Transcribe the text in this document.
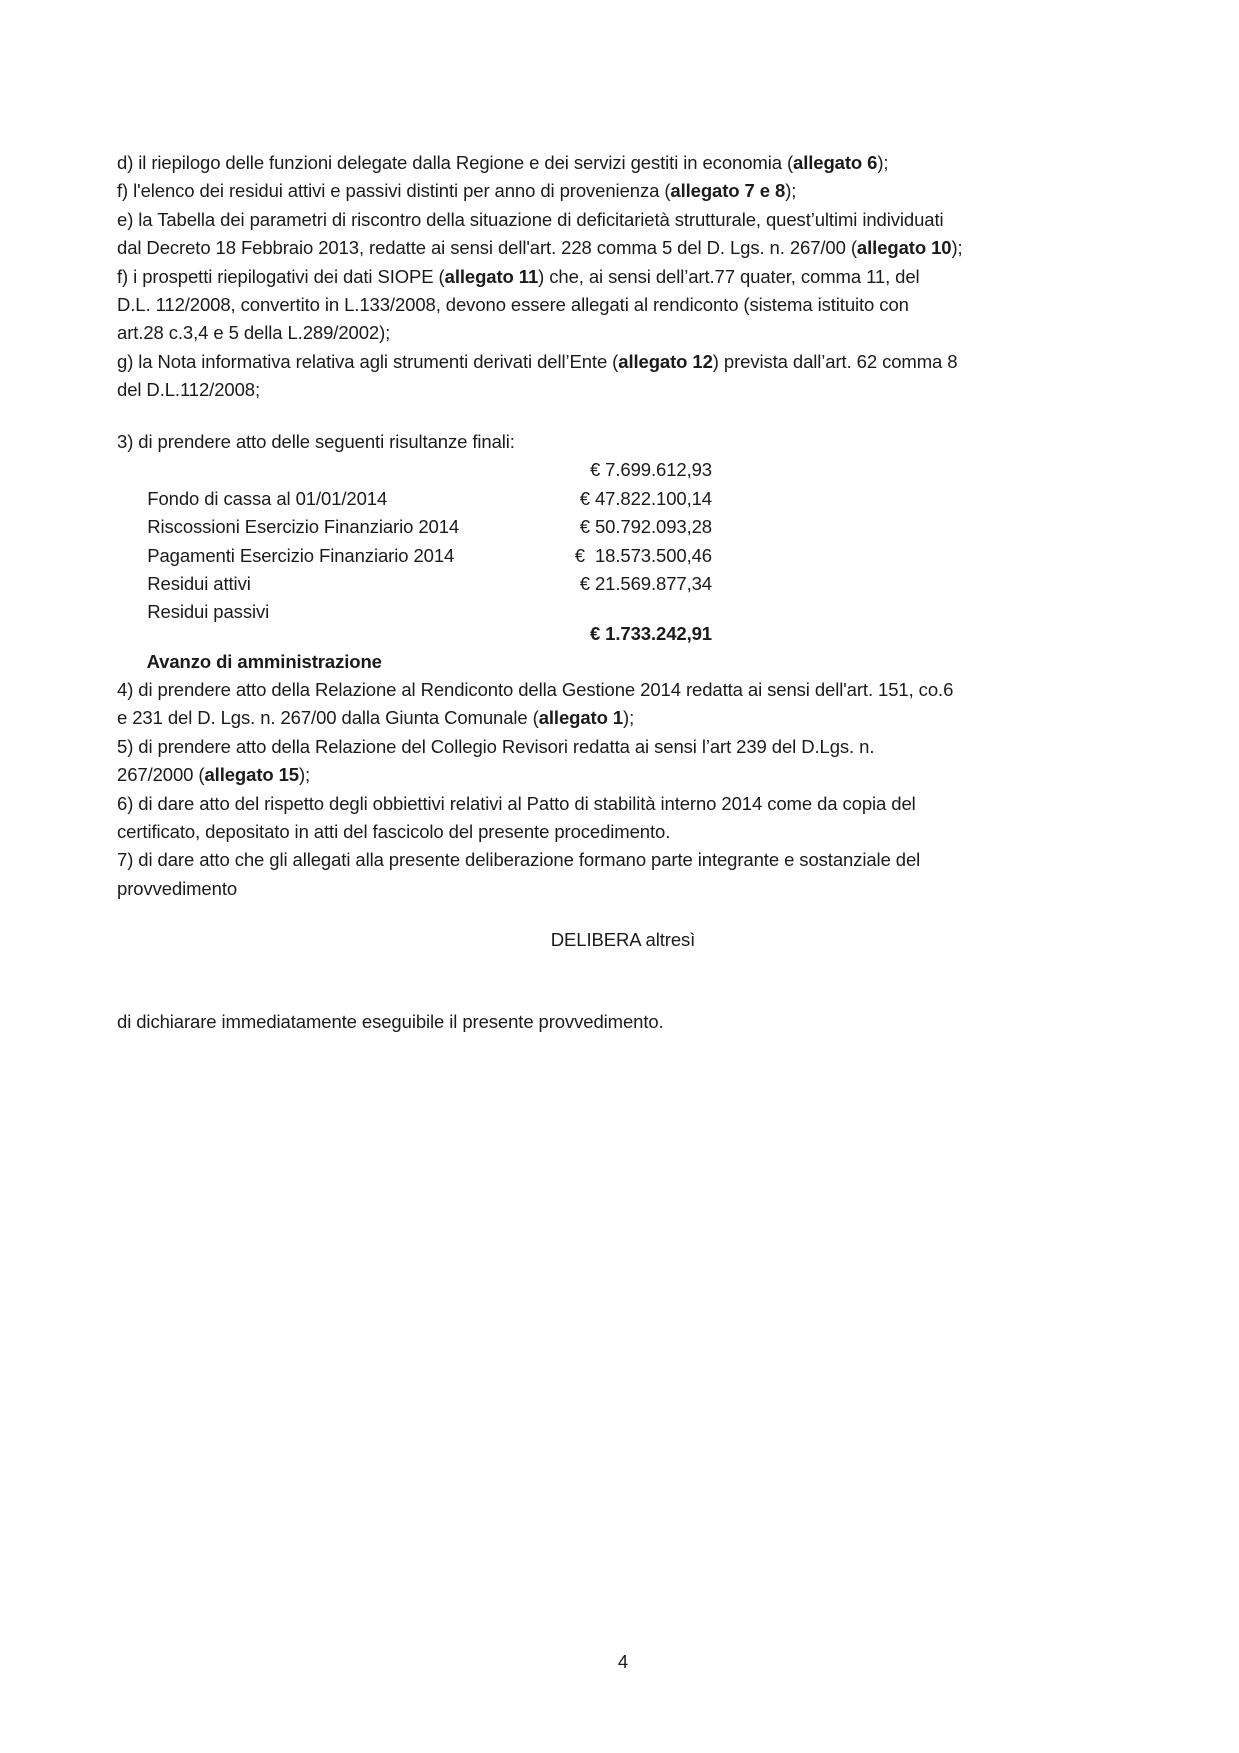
d) il riepilogo delle funzioni delegate dalla Regione e dei servizi gestiti in economia (allegato 6);
f) l'elenco dei residui attivi e passivi distinti per anno di provenienza (allegato 7 e 8);
e) la Tabella dei parametri di riscontro della situazione di deficitarietà strutturale, quest’ultimi individuati
dal Decreto 18 Febbraio 2013, redatte ai sensi dell'art. 228 comma 5 del D. Lgs. n. 267/00 (allegato 10);
f) i prospetti riepilogativi dei dati SIOPE (allegato 11) che, ai sensi dell’art.77 quater, comma 11, del
D.L. 112/2008, convertito in L.133/2008, devono essere allegati al rendiconto (sistema istituito con
art.28 c.3,4 e 5 della L.289/2002);
g) la Nota informativa relativa agli strumenti derivati dell’Ente (allegato 12) prevista dall’art. 62 comma 8
del D.L.112/2008;
3) di prendere atto delle seguenti risultanze finali:

Fondo di cassa al 01/01/2014

€ 7.699.612,93

Riscossioni Esercizio Finanziario 2014

€ 47.822.100,14

Pagamenti Esercizio Finanziario 2014

€ 50.792.093,28

Residui attivi

€  18.573.500,46

Residui passivi

€ 21.569.877,34

Avanzo di amministrazione

€ 1.733.242,91

4) di prendere atto della Relazione al Rendiconto della Gestione 2014 redatta ai sensi dell'art. 151, co.6
e 231 del D. Lgs. n. 267/00 dalla Giunta Comunale (allegato 1);
5) di prendere atto della Relazione del Collegio Revisori redatta ai sensi l’art 239 del D.Lgs. n.
267/2000 (allegato 15);
6) di dare atto del rispetto degli obbiettivi relativi al Patto di stabilità interno 2014 come da copia del
certificato, depositato in atti del fascicolo del presente procedimento.
7) di dare atto che gli allegati alla presente deliberazione formano parte integrante e sostanziale del
provvedimento
DELIBERA altresì
di dichiarare immediatamente eseguibile il presente provvedimento.
4
